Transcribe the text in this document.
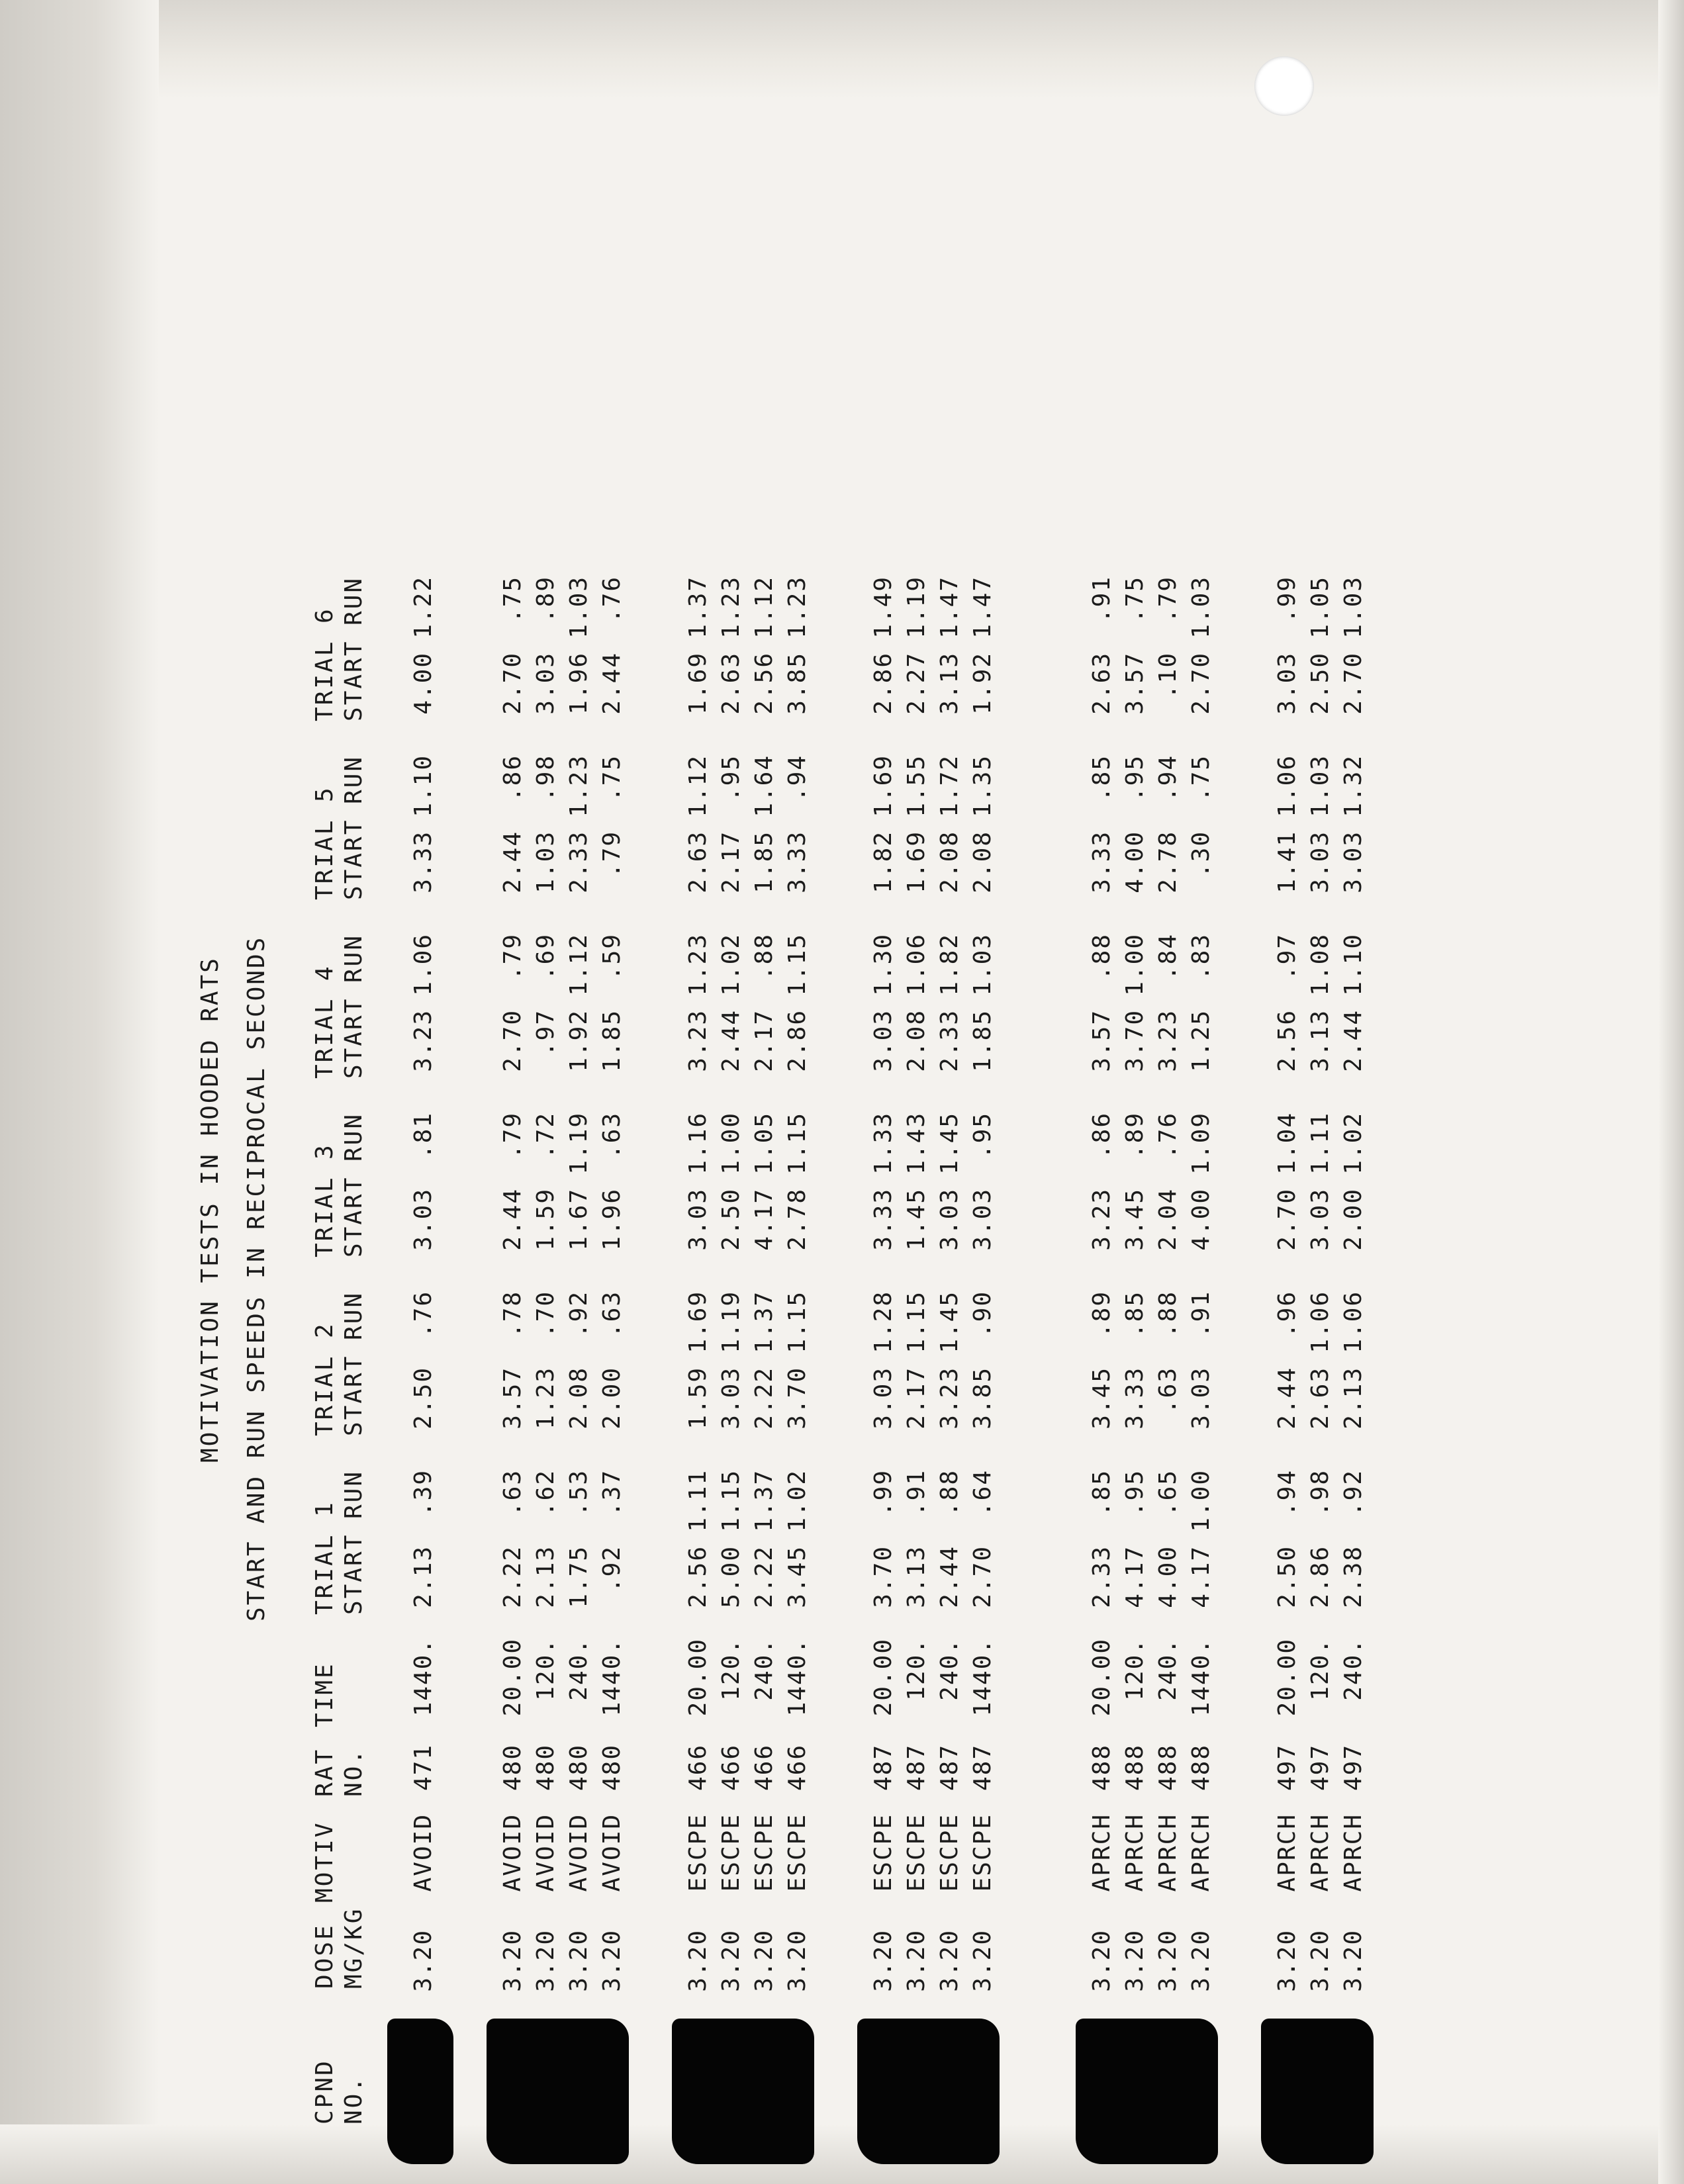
MOTIVATION TESTS IN HOODED RATS START AND RUN SPEEDS IN RECIPROCAL SECONDS
CPND NO.
DOSE MG/KG
MOTIV
RAT NO.
TIME
TRIAL 1 START
RUN
TRIAL 2 START
RUN
TRIAL 3 START
RUN
TRIAL 4 START
RUN
TRIAL 5 START
RUN
TRIAL 6 START
RUN
3.20
AVOID
471
1440.
2.13
.39
2.50
.76
3.03
.81
3.23
1.06
3.33
1.10
4.00
1.22
3.20
AVOID
480
20.00
2.22
.63
3.57
.78
2.44
.79
2.70
.79
2.44
.86
2.70
.75
3.20
AVOID
480
120.
2.13
.62
1.23
.70
1.59
.72
.97
.69
1.03
.98
3.03
.89
3.20
AVOID
480
240.
1.75
.53
2.08
.92
1.67
1.19
1.92
1.12
2.33
1.23
1.96
1.03
3.20
AVOID
480
1440.
.92
.37
2.00
.63
1.96
.63
1.85
.59
.79
.75
2.44
.76
3.20
ESCPE
466
20.00
2.56
1.11
1.59
1.69
3.03
1.16
3.23
1.23
2.63
1.12
1.69
1.37
3.20
ESCPE
466
120.
5.00
1.15
3.03
1.19
2.50
1.00
2.44
1.02
2.17
.95
2.63
1.23
3.20
ESCPE
466
240.
2.22
1.37
2.22
1.37
4.17
1.05
2.17
.88
1.85
1.64
2.56
1.12
3.20
ESCPE
466
1440.
3.45
1.02
3.70
1.15
2.78
1.15
2.86
1.15
3.33
.94
3.85
1.23
3.20
ESCPE
487
20.00
3.70
.99
3.03
1.28
3.33
1.33
3.03
1.30
1.82
1.69
2.86
1.49
3.20
ESCPE
487
120.
3.13
.91
2.17
1.15
1.45
1.43
2.08
1.06
1.69
1.55
2.27
1.19
3.20
ESCPE
487
240.
2.44
.88
3.23
1.45
3.03
1.45
2.33
1.82
2.08
1.72
3.13
1.47
3.20
ESCPE
487
1440.
2.70
.64
3.85
.90
3.03
.95
1.85
1.03
2.08
1.35
1.92
1.47
3.20
APRCH
488
20.00
2.33
.85
3.45
.89
3.23
.86
3.57
.88
3.33
.85
2.63
.91
3.20
APRCH
488
120.
4.17
.95
3.33
.85
3.45
.89
3.70
1.00
4.00
.95
3.57
.75
3.20
APRCH
488
240.
4.00
.65
.63
.88
2.04
.76
3.23
.84
2.78
.94
.10
.79
3.20
APRCH
488
1440.
4.17
1.00
3.03
.91
4.00
1.09
1.25
.83
.30
.75
2.70
1.03
3.20
APRCH
497
20.00
2.50
.94
2.44
.96
2.70
1.04
2.56
.97
1.41
1.06
3.03
.99
3.20
APRCH
497
120.
2.86
.98
2.63
1.06
3.03
1.11
3.13
1.08
3.03
1.03
2.50
1.05
3.20
APRCH
497
240.
2.38
.92
2.13
1.06
2.00
1.02
2.44
1.10
3.03
1.32
2.70
1.03
